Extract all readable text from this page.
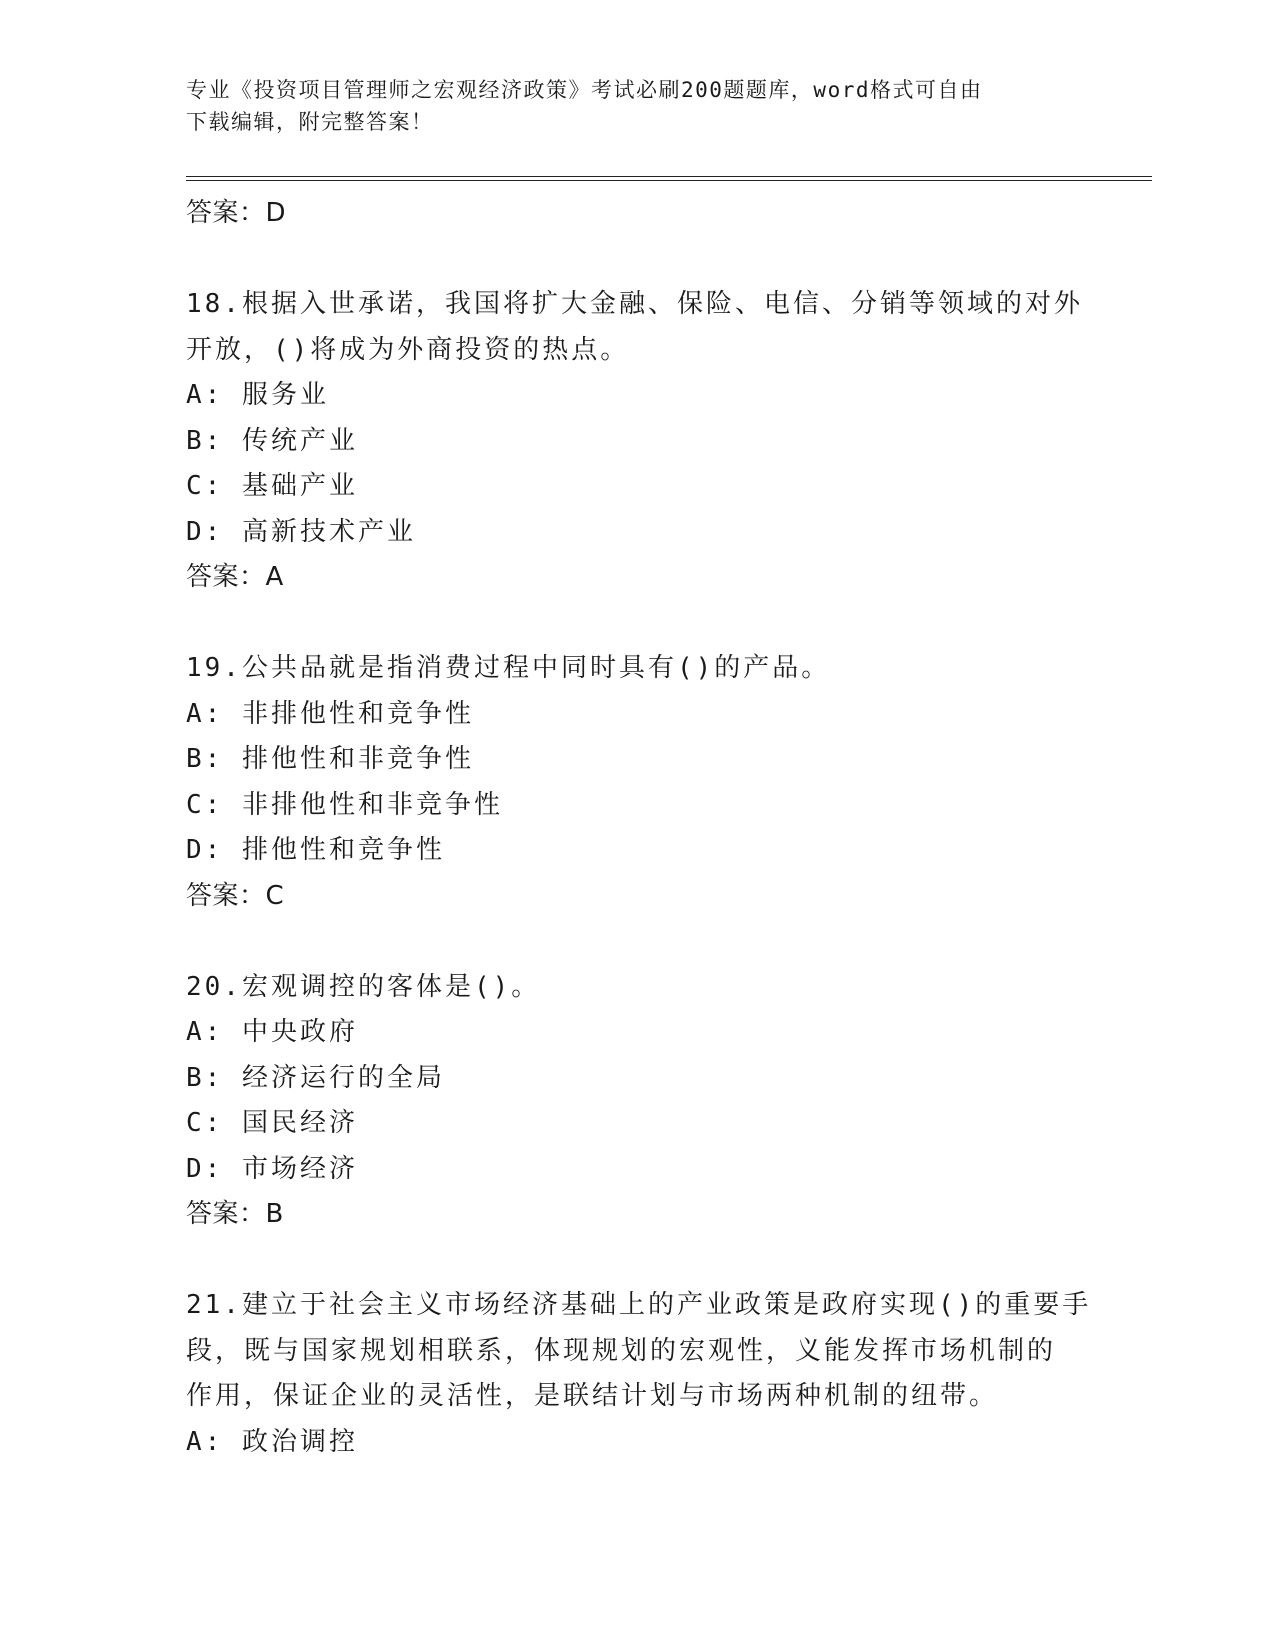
专业《投资项目管理师之宏观经济政策》考试必刷200题题库，word格式可自由
下载编辑，附完整答案！
答案：D
18.根据入世承诺，我国将扩大金融、保险、电信、分销等领域的对外
开放，()将成为外商投资的热点。
A: 服务业
B: 传统产业
C: 基础产业
D: 高新技术产业
答案：A
19.公共品就是指消费过程中同时具有()的产品。
A: 非排他性和竞争性
B: 排他性和非竞争性
C: 非排他性和非竞争性
D: 排他性和竞争性
答案：C
20.宏观调控的客体是()。
A: 中央政府
B: 经济运行的全局
C: 国民经济
D: 市场经济
答案：B
21.建立于社会主义市场经济基础上的产业政策是政府实现()的重要手
段，既与国家规划相联系，体现规划的宏观性，义能发挥市场机制的
作用，保证企业的灵活性，是联结计划与市场两种机制的纽带。
A: 政治调控
